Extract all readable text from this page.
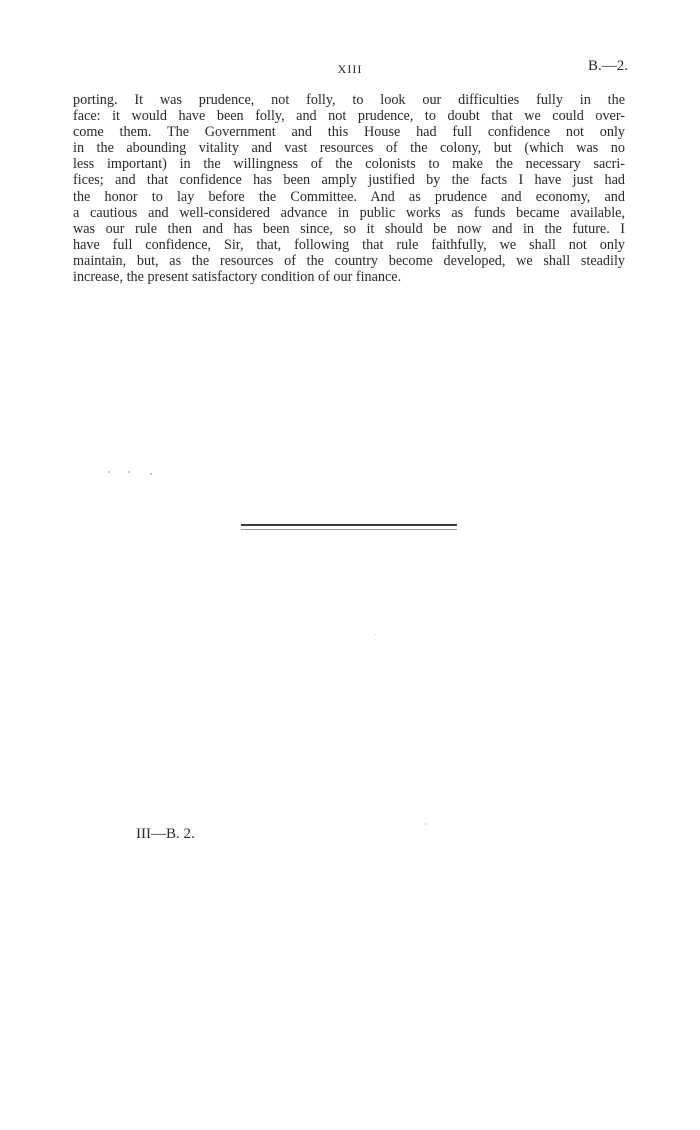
XIII	B.—2.
porting. It was prudence, not folly, to look our difficulties fully in the
face: it would have been folly, and not prudence, to doubt that we could over-
come them. The Government and this House had full confidence not only
in the abounding vitality and vast resources of the colony, but (which was no
less important) in the willingness of the colonists to make the necessary sacri-
fices; and that confidence has been amply justified by the facts I have just had
the honor to lay before the Committee. And as prudence and economy, and
a cautious and well-considered advance in public works as funds became available,
was our rule then and has been since, so it should be now and in the future. I
have full confidence, Sir, that, following that rule faithfully, we shall not only
maintain, but, as the resources of the country become developed, we shall steadily
increase, the present satisfactory condition of our finance.
III—B. 2.
